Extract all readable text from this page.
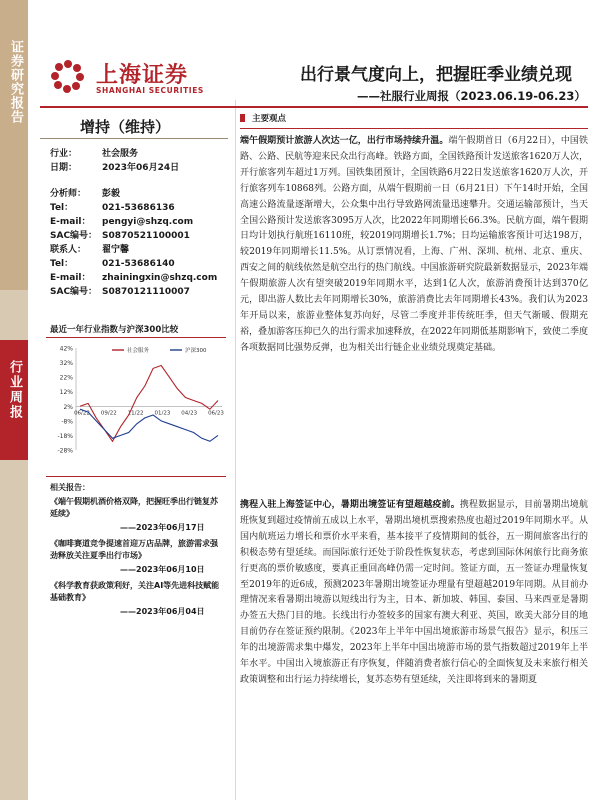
证券研究报告
行业周报
上海证券
SHANGHAI SECURITIES
出行景气度向上，把握旺季业绩兑现
——社服行业周报（2023.06.19-06.23）
增持（维持）
行业：	社会服务
日期：	2023年06月24日
分析师： 彭毅
Tel：	021-53686136
E-mail： pengyi@shzq.com
SAC编号： S0870521100001
联系人： 翟宁馨
Tel：	021-53686140
E-mail： zhainingxin@shzq.com
SAC编号： S0870121110007
最近一年行业指数与沪深300比较
42%
32%
22%
12%
2%
-8%
-18%
-28%
06/22 09/22 11/22 01/23 04/23 06/23
社会服务	沪深300
相关报告：
《端午假期机酒价格双降，把握旺季出行链复苏延续》
——2023年06月17日
《咖啡赛道竞争提速首迎万店品牌，旅游需求强劲释放关注夏季出行市场》
——2023年06月10日
《科学教育获政策利好，关注AI等先进科技赋能基础教育》
——2023年06月04日
主要观点
端午假期预计旅游人次达一亿，出行市场持续升温。端午假期首日（6月22日），中国铁路、公路、民航等迎来民众出行高峰。铁路方面，全国铁路预计发送旅客1620万人次，开行旅客列车超过1万列。国铁集团预计，全国铁路6月22日发送旅客1620万人次，开行旅客列车10868列。公路方面，从端午假期前一日（6月21日）下午14时开始，全国高速公路流量逐渐增大，公众集中出行导致路网流量迅速攀升。交通运输部预计，当天全国公路预计发送旅客3095万人次，比2022年同期增长66.3%。民航方面，端午假期日均计划执行航班16110班，较2019同期增长1.7%；日均运输旅客预计可达198万，较2019年同期增长11.5%。从订票情况看，上海、广州、深圳、杭州、北京、重庆、西安之间的航线依然是航空出行的热门航线。中国旅游研究院最新数据显示，2023年端午假期旅游人次有望突破2019年同期水平，达到1亿人次，旅游消费预计达到370亿元，即出游人数比去年同期增长30%，旅游消费比去年同期增长43%。我们认为2023年开局以来，旅游业整体复苏向好，尽管二季度并非传统旺季，但天气渐暖、假期充裕，叠加游客压抑已久的出行需求加速释放，在2022年同期低基期影响下，致使二季度各项数据同比强势反弹，也为相关出行链企业业绩兑现奠定基础。
携程入驻上海签证中心，暑期出境签证有望超越疫前。携程数据显示，目前暑期出境航班恢复到超过疫情前五成以上水平，暑期出境机票搜索热度也超过2019年同期水平。从国内航班运力增长和票价水平来看，基本接平了疫情期间的低谷，五一期间旅客出行的积极态势有望延续。而国际旅行还处于阶段性恢复状态，考虑到国际休闲旅行比商务旅行更高的票价敏感度，要真正重回高峰仍需一定时间。签证方面，五一签证办理量恢复至2019年的近6成，预测2023年暑期出境签证办理量有望超越2019年同期。从目前办理情况来看暑期出境游以短线出行为主，日本、新加坡、韩国、泰国、马来西亚是暑期办签五大热门目的地。长线出行办签较多的国家有澳大利亚、英国，欧美大部分目的地目前仍存在签证预约限制。《2023年上半年中国出境旅游市场景气报告》显示，积压三年的出境游需求集中爆发，2023年上半年中国出境游市场的景气指数超过2019年上半年水平。中国出入境旅游正有序恢复，伴随消费者旅行信心的全面恢复及未来旅行相关政策调整和出行运力持续增长，复苏态势有望延续，关注即将到来的暑期夏
